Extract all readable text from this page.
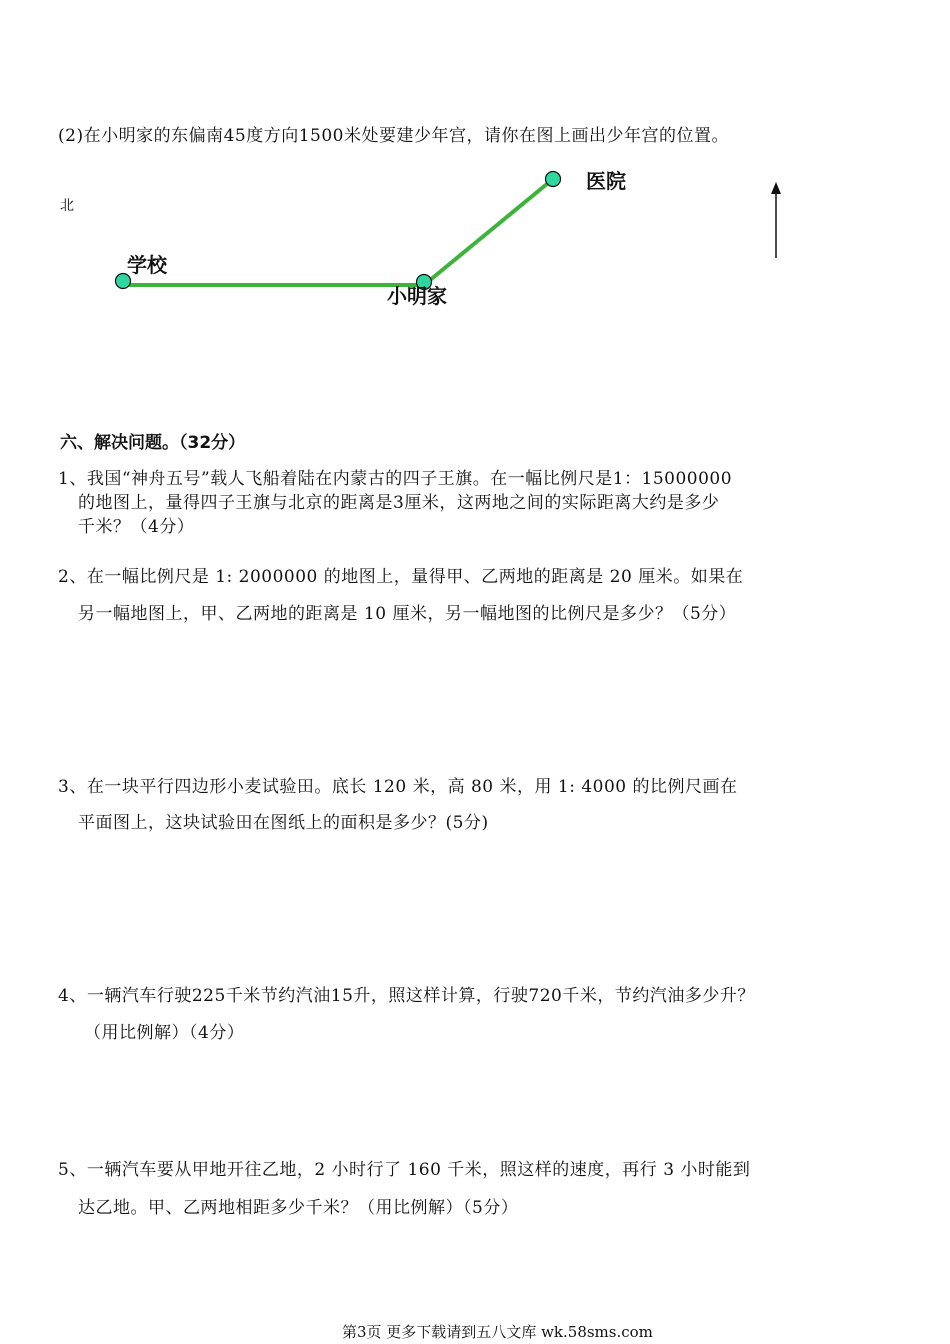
(2)在小明家的东偏南45度方向1500米处要建少年宫，请你在图上画出少年宫的位置。
北
医院
学校
小明家
六、解决问题。（32分）
1、我国“神舟五号”载人飞船着陆在内蒙古的四子王旗。在一幅比例尺是1：15000000
的地图上，量得四子王旗与北京的距离是3厘米，这两地之间的实际距离大约是多少
千米？（4分）
2、在一幅比例尺是 1: 2000000 的地图上，量得甲、乙两地的距离是 20 厘米。如果在
另一幅地图上，甲、乙两地的距离是 10 厘米，另一幅地图的比例尺是多少？（5分）
3、在一块平行四边形小麦试验田。底长 120 米，高 80 米，用 1: 4000 的比例尺画在
平面图上，这块试验田在图纸上的面积是多少？(5分)
4、一辆汽车行驶225千米节约汽油15升，照这样计算，行驶720千米，节约汽油多少升？
（用比例解）（4分）
5、一辆汽车要从甲地开往乙地，2 小时行了 160 千米，照这样的速度，再行 3 小时能到
达乙地。甲、乙两地相距多少千米？（用比例解）（5分）
第3页 更多下载请到五八文库 wk.58sms.com
